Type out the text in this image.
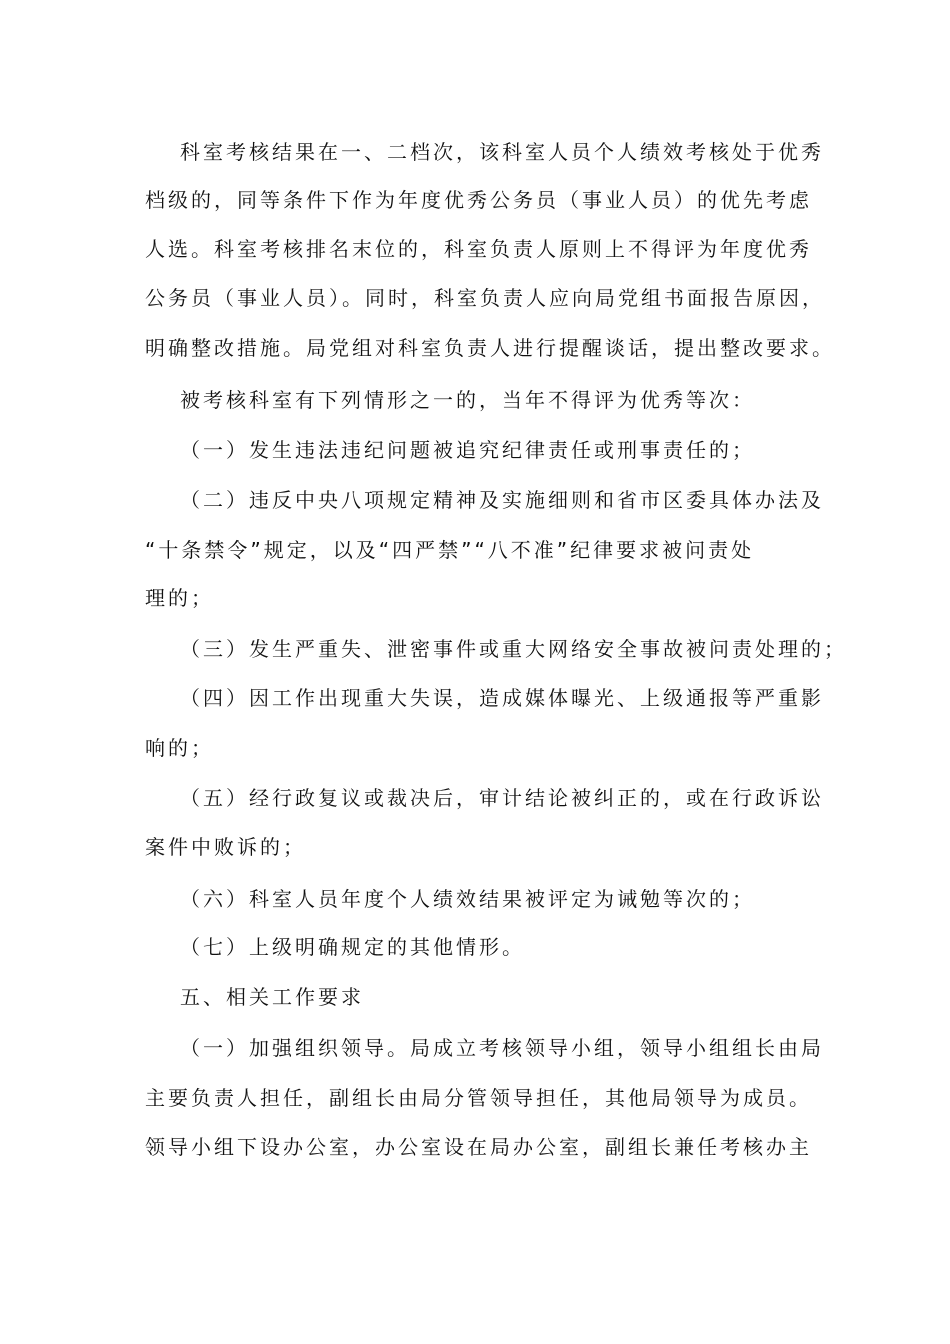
科室考核结果在一、二档次，该科室人员个人绩效考核处于优秀
档级的，同等条件下作为年度优秀公务员（事业人员）的优先考虑
人选。科室考核排名末位的，科室负责人原则上不得评为年度优秀
公务员（事业人员）。同时，科室负责人应向局党组书面报告原因，
明确整改措施。局党组对科室负责人进行提醒谈话，提出整改要求。
被考核科室有下列情形之一的，当年不得评为优秀等次：
（一）发生违法违纪问题被追究纪律责任或刑事责任的；
（二）违反中央八项规定精神及实施细则和省市区委具体办法及
“十条禁令”规定，以及“四严禁”“八不准”纪律要求被问责处
理的；
（三）发生严重失、泄密事件或重大网络安全事故被问责处理的；
（四）因工作出现重大失误，造成媒体曝光、上级通报等严重影
响的；
（五）经行政复议或裁决后，审计结论被纠正的，或在行政诉讼
案件中败诉的；
（六）科室人员年度个人绩效结果被评定为诫勉等次的；
（七）上级明确规定的其他情形。
五、相关工作要求
（一）加强组织领导。局成立考核领导小组，领导小组组长由局
主要负责人担任，副组长由局分管领导担任，其他局领导为成员。
领导小组下设办公室，办公室设在局办公室，副组长兼任考核办主
